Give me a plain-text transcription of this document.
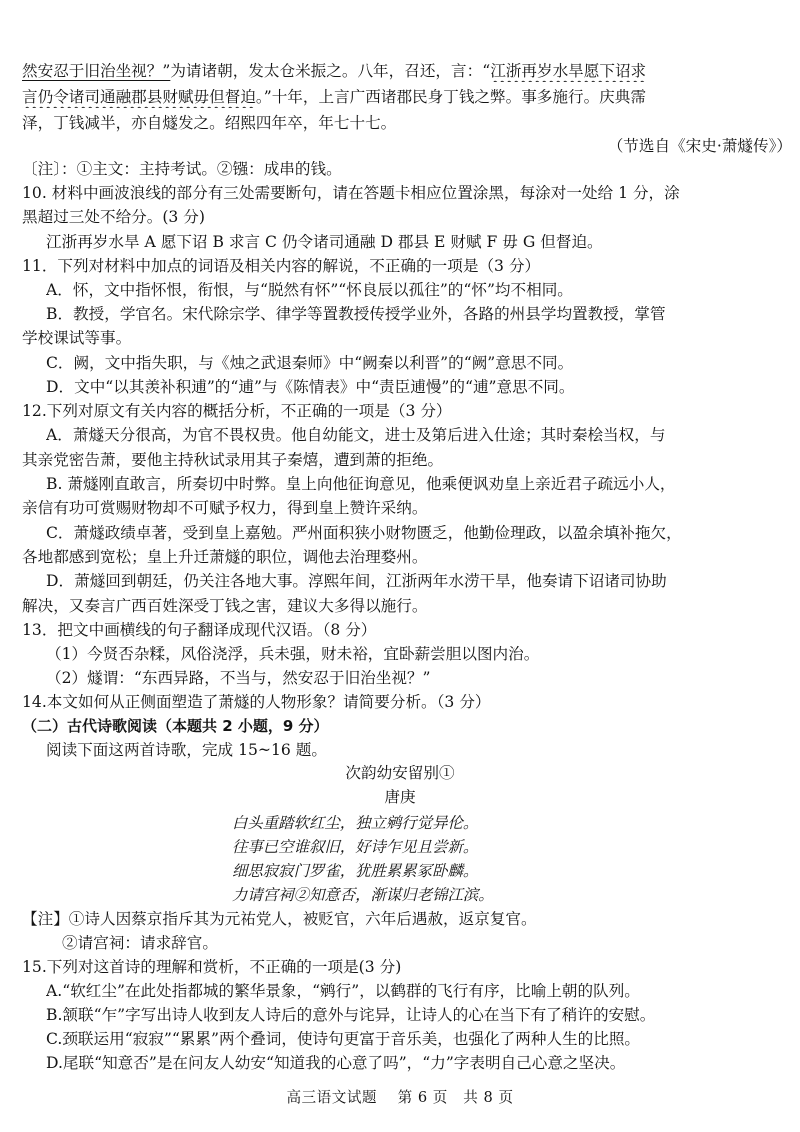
然安忍于旧治坐视？”为请诸朝，发太仓米振之。八年，召还，言：“江浙再岁水旱愿下诏求
言仍令诸司通融郡县财赋毋但督迫。”十年，上言广西诸郡民身丁钱之弊。事多施行。庆典霈
泽，丁钱减半，亦自燧发之。绍熙四年卒，年七十七。
（节选自《宋史·萧燧传》）
〔注〕：①主文：主持考试。②镪：成串的钱。
10. 材料中画波浪线的部分有三处需要断句，请在答题卡相应位置涂黑，每涂对一处给 1 分，涂
黑超过三处不给分。(3 分)
江浙再岁水旱 A 愿下诏 B 求言 C 仍令诸司通融 D 郡县 E 财赋 F 毋 G 但督迫。
11．下列对材料中加点的词语及相关内容的解说，不正确的一项是（3 分）
A．怀，文中指怀恨，衔恨，与“脱然有怀”“怀良辰以孤往”的“怀”均不相同。
B．教授，学官名。宋代除宗学、律学等置教授传授学业外，各路的州县学均置教授，掌管
学校课试等事。
C．阙，文中指失职，与《烛之武退秦师》中“阙秦以利晋”的“阙”意思不同。
D．文中“以其羡补积逋”的“逋”与《陈情表》中“责臣逋慢”的“逋”意思不同。
12.下列对原文有关内容的概括分析，不正确的一项是（3 分）
A．萧燧天分很高，为官不畏权贵。他自幼能文，进士及第后进入仕途；其时秦桧当权，与
其亲党密告萧，要他主持秋试录用其子秦熺，遭到萧的拒绝。
B. 萧燧刚直敢言，所奏切中时弊。皇上向他征询意见，他乘便讽劝皇上亲近君子疏远小人，
亲信有功可赏赐财物却不可赋予权力，得到皇上赞许采纳。
C．萧燧政绩卓著，受到皇上嘉勉。严州面积狭小财物匮乏，他勤俭理政，以盈余填补拖欠，
各地都感到宽松；皇上升迁萧燧的职位，调他去治理婺州。
D．萧燧回到朝廷，仍关注各地大事。淳熙年间，江浙两年水涝干旱，他奏请下诏诸司协助
解决，又奏言广西百姓深受丁钱之害，建议大多得以施行。
13．把文中画横线的句子翻译成现代汉语。（8 分）
（1）今贤否杂糅，风俗浇浮，兵未强，财未裕，宜卧薪尝胆以图内治。
（2）燧谓：“东西异路，不当与，然安忍于旧治坐视？”
14.本文如何从正侧面塑造了萧燧的人物形象？请简要分析。（3 分）
（二）古代诗歌阅读（本题共 2 小题，9 分）
阅读下面这两首诗歌，完成 15~16 题。
次韵幼安留别①
唐庚
白头重踏软红尘，独立鹓行觉异伦。
往事已空谁叙旧，好诗乍见且尝新。
细思寂寂门罗雀，犹胜累累冢卧麟。
力请宫祠②知意否，渐谋归老锦江滨。
【注】①诗人因蔡京指斥其为元祐党人，被贬官，六年后遇赦，返京复官。
②请宫祠：请求辞官。
15.下列对这首诗的理解和赏析，不正确的一项是(3 分)
A.“软红尘”在此处指都城的繁华景象，“鹓行”，以鹤群的飞行有序，比喻上朝的队列。
B.颔联“乍”字写出诗人收到友人诗后的意外与诧异，让诗人的心在当下有了稍许的安慰。
C.颈联运用“寂寂”“累累”两个叠词，使诗句更富于音乐美，也强化了两种人生的比照。
D.尾联“知意否”是在问友人幼安“知道我的心意了吗”，“力”字表明自己心意之坚决。
高三语文试题 第 6 页 共 8 页
